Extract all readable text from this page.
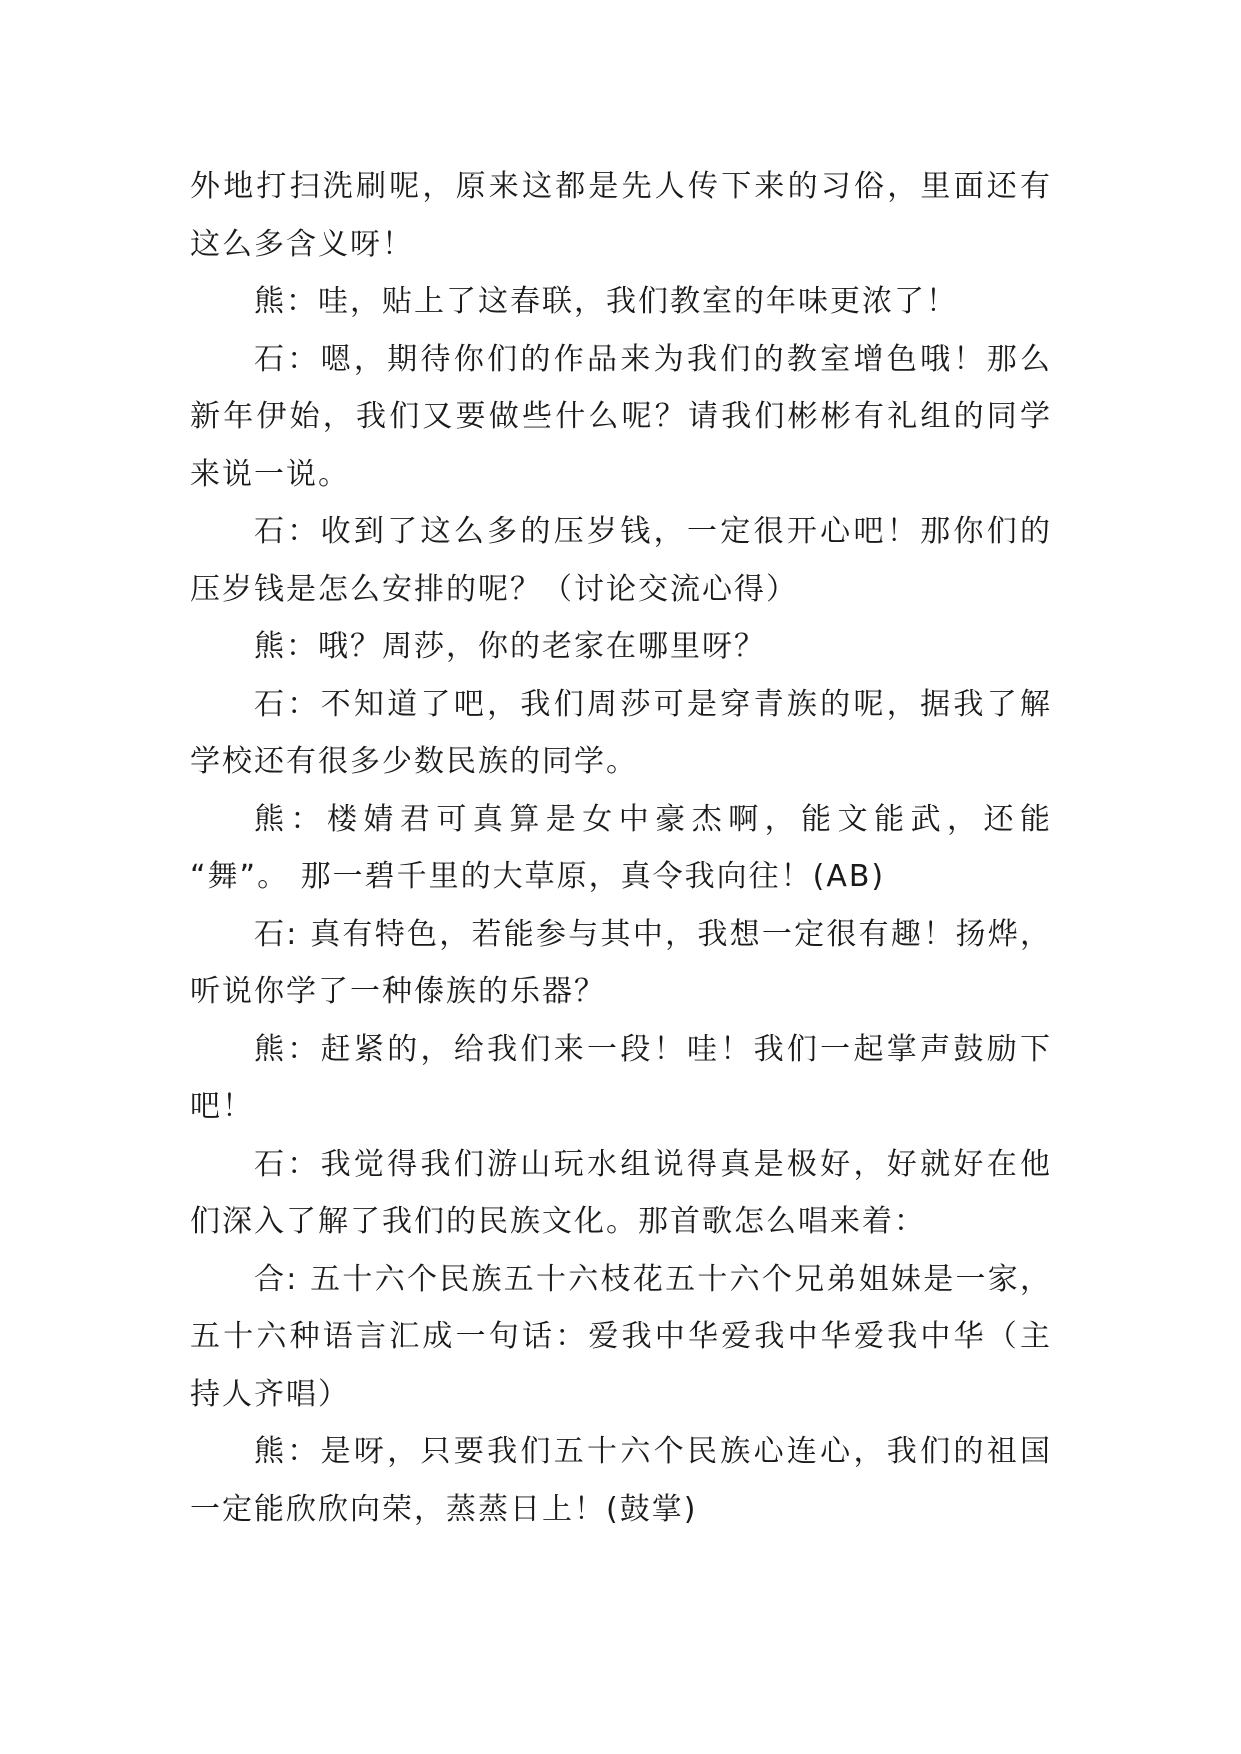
外地打扫洗刷呢，原来这都是先人传下来的习俗，里面还有
这么多含义呀！

熊：哇，贴上了这春联，我们教室的年味更浓了！

石：嗯，期待你们的作品来为我们的教室增色哦！那么
新年伊始，我们又要做些什么呢？请我们彬彬有礼组的同学
来说一说。

石：收到了这么多的压岁钱，一定很开心吧！那你们的
压岁钱是怎么安排的呢？（讨论交流心得）

熊：哦？周莎，你的老家在哪里呀？

石：不知道了吧，我们周莎可是穿青族的呢，据我了解
学校还有很多少数民族的同学。

熊：楼婧君可真算是女中豪杰啊，能文能武，还能
“舞”。 那一碧千里的大草原，真令我向往！(AB)

石: 真有特色，若能参与其中，我想一定很有趣！扬烨，
听说你学了一种傣族的乐器？

熊：赶紧的，给我们来一段！哇！我们一起掌声鼓励下
吧！

石：我觉得我们游山玩水组说得真是极好，好就好在他
们深入了解了我们的民族文化。那首歌怎么唱来着：

合: 五十六个民族五十六枝花五十六个兄弟姐妹是一家，
五十六种语言汇成一句话：爱我中华爱我中华爱我中华（主
持人齐唱）

熊：是呀，只要我们五十六个民族心连心，我们的祖国
一定能欣欣向荣，蒸蒸日上！(鼓掌)
